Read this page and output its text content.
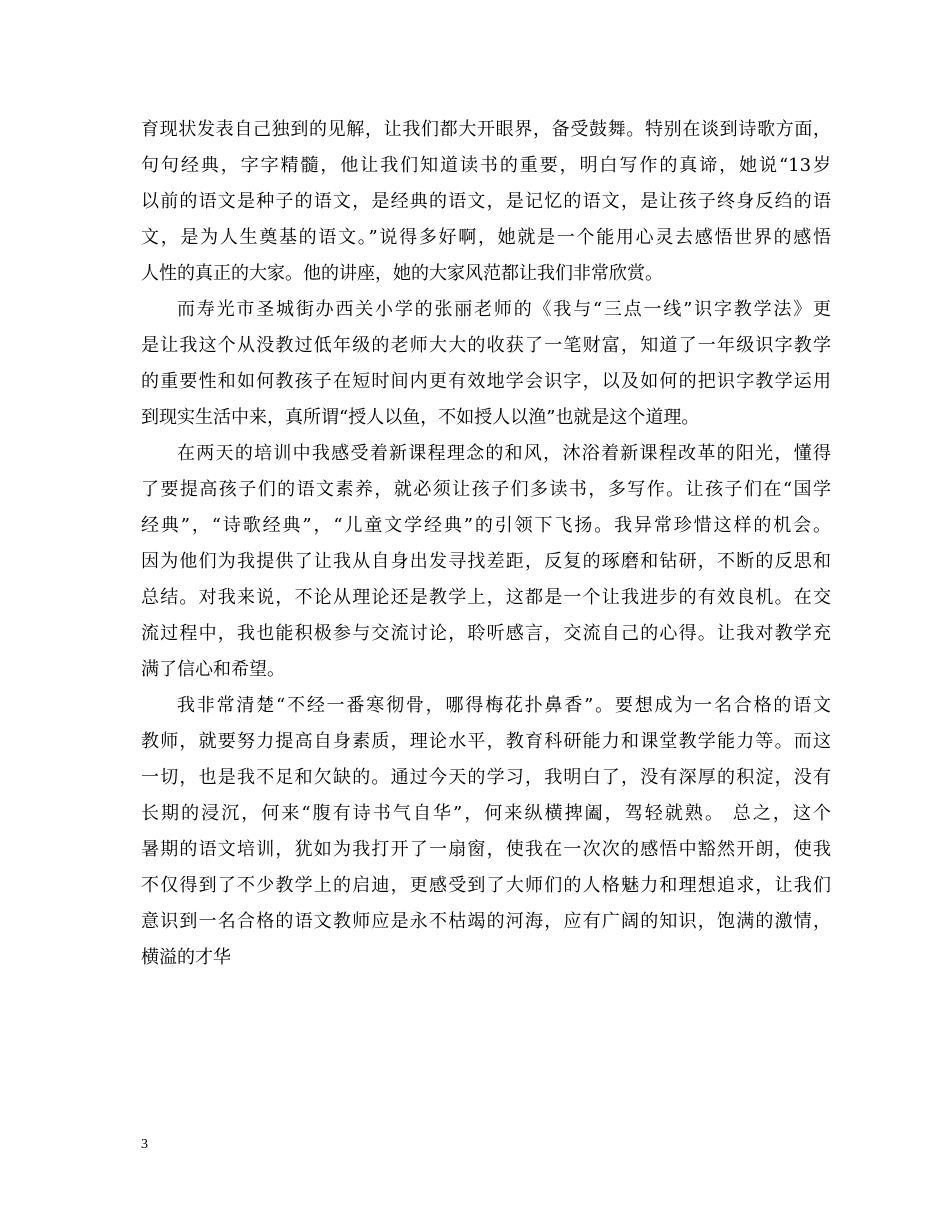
育现状发表自己独到的见解，让我们都大开眼界，备受鼓舞。特别在谈到诗歌方面，
句句经典，字字精髓，他让我们知道读书的重要，明白写作的真谛，她说“13岁
以前的语文是种子的语文，是经典的语文，是记忆的语文，是让孩子终身反绉的语
文，是为人生奠基的语文。”说得多好啊，她就是一个能用心灵去感悟世界的感悟
人性的真正的大家。他的讲座，她的大家风范都让我们非常欣赏。
而寿光市圣城街办西关小学的张丽老师的《我与“三点一线”识字教学法》更
是让我这个从没教过低年级的老师大大的收获了一笔财富，知道了一年级识字教学
的重要性和如何教孩子在短时间内更有效地学会识字，以及如何的把识字教学运用
到现实生活中来，真所谓“授人以鱼，不如授人以渔”也就是这个道理。
在两天的培训中我感受着新课程理念的和风，沐浴着新课程改革的阳光，懂得
了要提高孩子们的语文素养，就必须让孩子们多读书，多写作。让孩子们在“国学
经典”，“诗歌经典”，“儿童文学经典”的引领下飞扬。我异常珍惜这样的机会。
因为他们为我提供了让我从自身出发寻找差距，反复的琢磨和钻研，不断的反思和
总结。对我来说，不论从理论还是教学上，这都是一个让我进步的有效良机。在交
流过程中，我也能积极参与交流讨论，聆听感言，交流自己的心得。让我对教学充
满了信心和希望。
我非常清楚“不经一番寒彻骨，哪得梅花扑鼻香”。要想成为一名合格的语文
教师，就要努力提高自身素质，理论水平，教育科研能力和课堂教学能力等。而这
一切，也是我不足和欠缺的。通过今天的学习，我明白了，没有深厚的积淀，没有
长期的浸沉，何来“腹有诗书气自华”，何来纵横捭阖，驾轻就熟。 总之，这个
暑期的语文培训，犹如为我打开了一扇窗，使我在一次次的感悟中豁然开朗，使我
不仅得到了不少教学上的启迪，更感受到了大师们的人格魅力和理想追求，让我们
意识到一名合格的语文教师应是永不枯竭的河海，应有广阔的知识，饱满的激情，
横溢的才华
3
